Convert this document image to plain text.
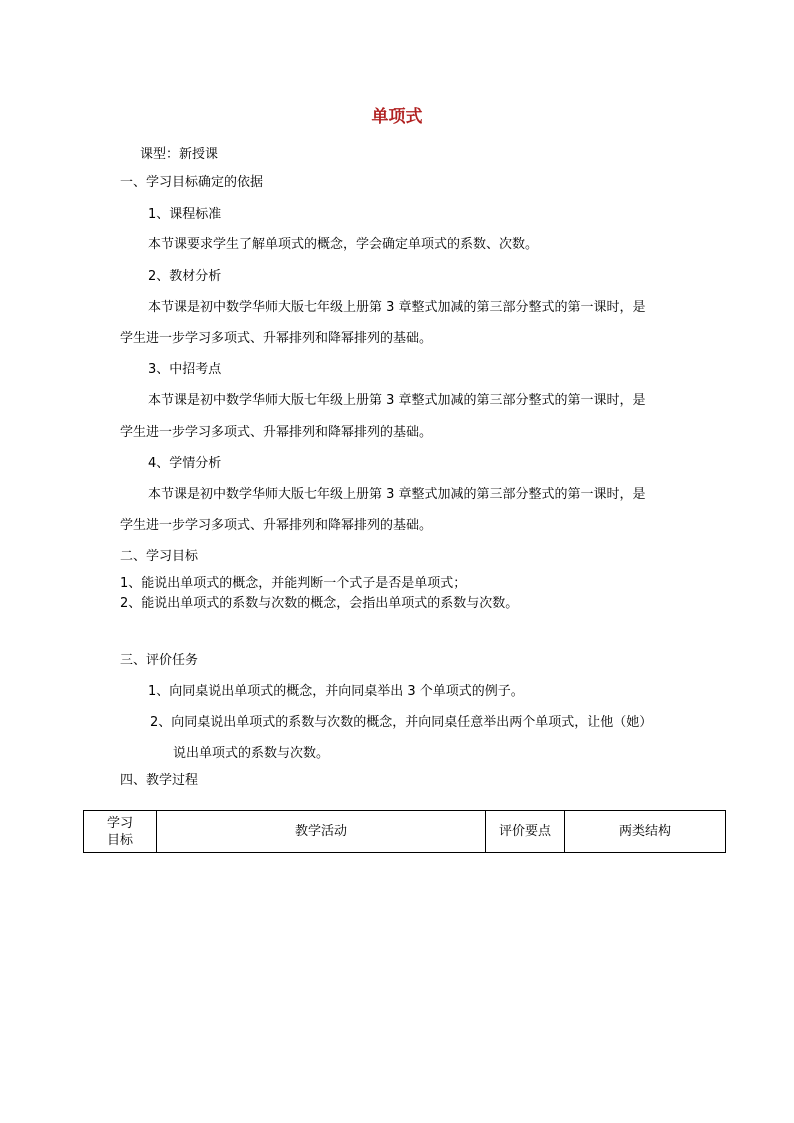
单项式
课型：新授课
一、学习目标确定的依据
1、课程标准
本节课要求学生了解单项式的概念，学会确定单项式的系数、次数。
2、教材分析
本节课是初中数学华师大版七年级上册第 3 章整式加减的第三部分整式的第一课时，是
学生进一步学习多项式、升幂排列和降幂排列的基础。
3、中招考点
本节课是初中数学华师大版七年级上册第 3 章整式加减的第三部分整式的第一课时，是
学生进一步学习多项式、升幂排列和降幂排列的基础。
4、学情分析
本节课是初中数学华师大版七年级上册第 3 章整式加减的第三部分整式的第一课时，是
学生进一步学习多项式、升幂排列和降幂排列的基础。
二、学习目标
1、能说出单项式的概念，并能判断一个式子是否是单项式；
2、能说出单项式的系数与次数的概念，会指出单项式的系数与次数。
三、评价任务
1、向同桌说出单项式的概念，并向同桌举出 3 个单项式的例子。
2、向同桌说出单项式的系数与次数的概念，并向同桌任意举出两个单项式，让他（她）
说出单项式的系数与次数。
四、教学过程
学习
目标
	教学活动	评价要点	两类结构
